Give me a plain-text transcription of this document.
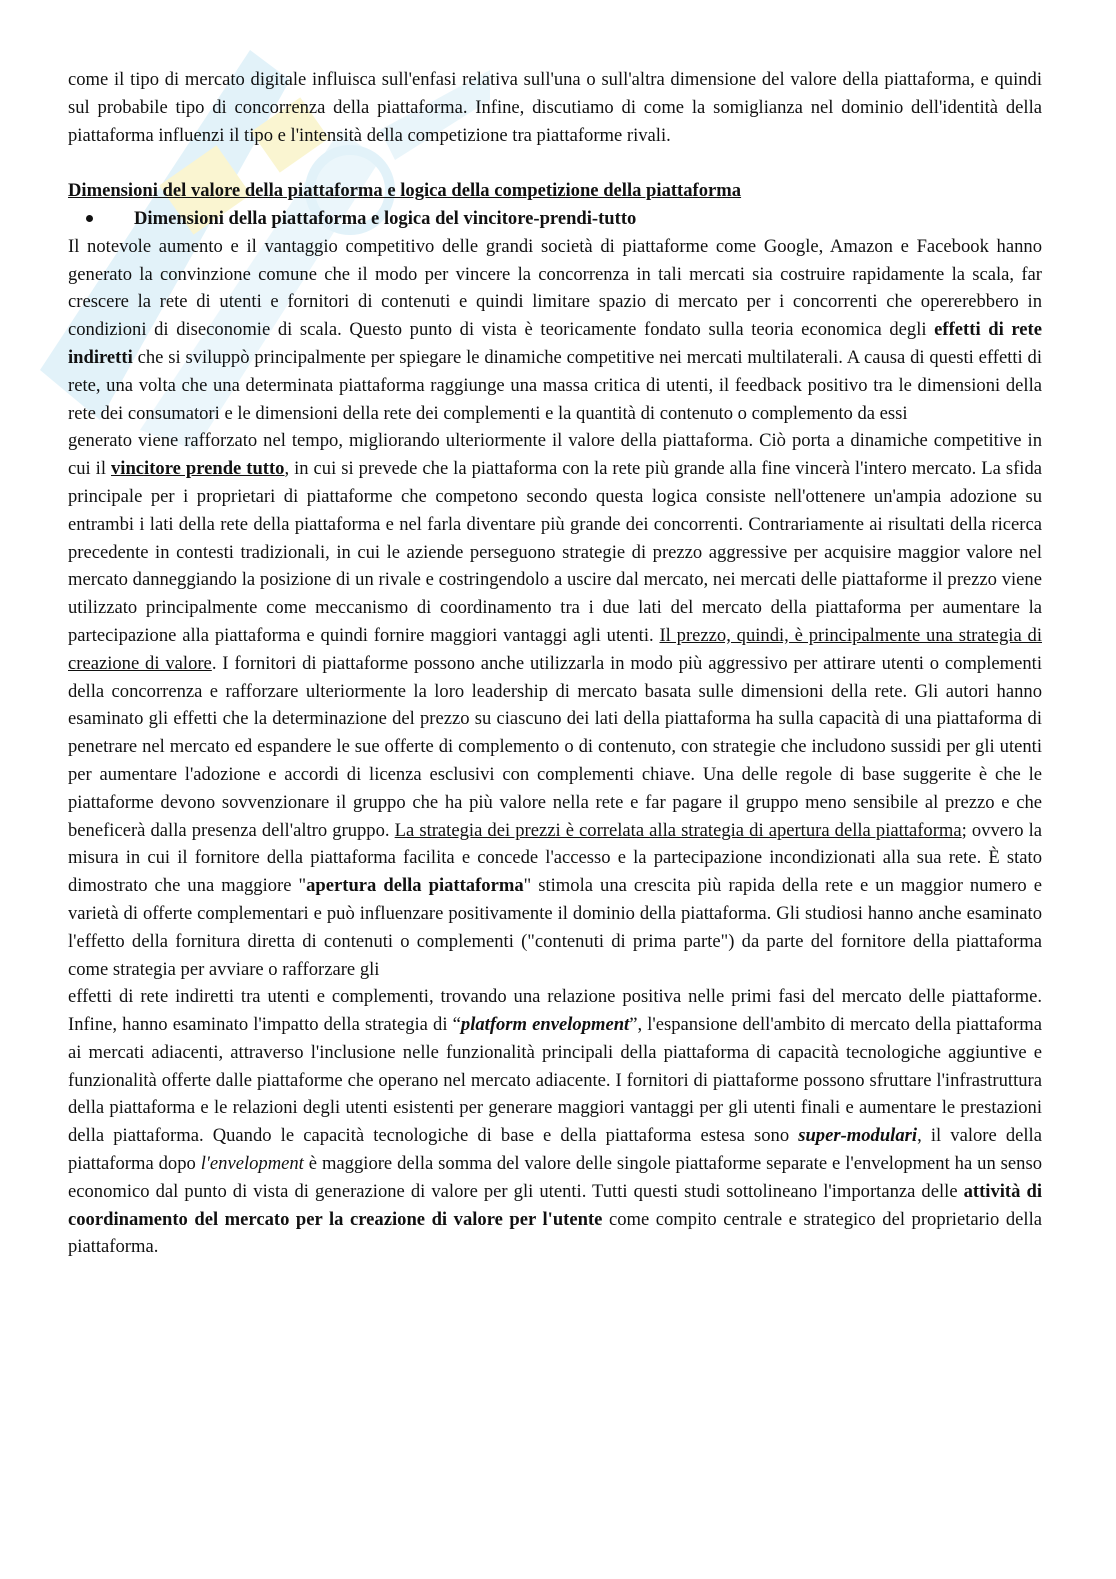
come il tipo di mercato digitale influisca sull'enfasi relativa sull'una o sull'altra dimensione del valore della piattaforma, e quindi sul probabile tipo di concorrenza della piattaforma. Infine, discutiamo di come la somiglianza nel dominio dell'identità della piattaforma influenzi il tipo e l'intensità della competizione tra piattaforme rivali.

Dimensioni del valore della piattaforma e logica della competizione della piattaforma

Dimensioni della piattaforma e logica del vincitore-prendi-tutto

Il notevole aumento e il vantaggio competitivo delle grandi società di piattaforme come Google, Amazon e Facebook hanno generato la convinzione comune che il modo per vincere la concorrenza in tali mercati sia costruire rapidamente la scala, far crescere la rete di utenti e fornitori di contenuti e quindi limitare spazio di mercato per i concorrenti che opererebbero in condizioni di diseconomie di scala. Questo punto di vista è teoricamente fondato sulla teoria economica degli effetti di rete indiretti che si sviluppò principalmente per spiegare le dinamiche competitive nei mercati multilaterali. A causa di questi effetti di rete, una volta che una determinata piattaforma raggiunge una massa critica di utenti, il feedback positivo tra le dimensioni della rete dei consumatori e le dimensioni della rete dei complementi e la quantità di contenuto o complemento da essi

generato viene rafforzato nel tempo, migliorando ulteriormente il valore della piattaforma. Ciò porta a dinamiche competitive in cui il vincitore prende tutto, in cui si prevede che la piattaforma con la rete più grande alla fine vincerà l'intero mercato. La sfida principale per i proprietari di piattaforme che competono secondo questa logica consiste nell'ottenere un'ampia adozione su entrambi i lati della rete della piattaforma e nel farla diventare più grande dei concorrenti. Contrariamente ai risultati della ricerca precedente in contesti tradizionali, in cui le aziende perseguono strategie di prezzo aggressive per acquisire maggior valore nel mercato danneggiando la posizione di un rivale e costringendolo a uscire dal mercato, nei mercati delle piattaforme il prezzo viene utilizzato principalmente come meccanismo di coordinamento tra i due lati del mercato della piattaforma per aumentare la partecipazione alla piattaforma e quindi fornire maggiori vantaggi agli utenti. Il prezzo, quindi, è principalmente una strategia di creazione di valore. I fornitori di piattaforme possono anche utilizzarla in modo più aggressivo per attirare utenti o complementi della concorrenza e rafforzare ulteriormente la loro leadership di mercato basata sulle dimensioni della rete. Gli autori hanno esaminato gli effetti che la determinazione del prezzo su ciascuno dei lati della piattaforma ha sulla capacità di una piattaforma di penetrare nel mercato ed espandere le sue offerte di complemento o di contenuto, con strategie che includono sussidi per gli utenti per aumentare l'adozione e accordi di licenza esclusivi con complementi chiave. Una delle regole di base suggerite è che le piattaforme devono sovvenzionare il gruppo che ha più valore nella rete e far pagare il gruppo meno sensibile al prezzo e che beneficerà dalla presenza dell'altro gruppo. La strategia dei prezzi è correlata alla strategia di apertura della piattaforma; ovvero la misura in cui il fornitore della piattaforma facilita e concede l'accesso e la partecipazione incondizionati alla sua rete. È stato dimostrato che una maggiore "apertura della piattaforma" stimola una crescita più rapida della rete e un maggior numero e varietà di offerte complementari e può influenzare positivamente il dominio della piattaforma. Gli studiosi hanno anche esaminato l'effetto della fornitura diretta di contenuti o complementi ("contenuti di prima parte") da parte del fornitore della piattaforma come strategia per avviare o rafforzare gli

effetti di rete indiretti tra utenti e complementi, trovando una relazione positiva nelle primi fasi del mercato delle piattaforme. Infine, hanno esaminato l'impatto della strategia di “platform envelopment”, l'espansione dell'ambito di mercato della piattaforma ai mercati adiacenti, attraverso l'inclusione nelle funzionalità principali della piattaforma di capacità tecnologiche aggiuntive e funzionalità offerte dalle piattaforme che operano nel mercato adiacente. I fornitori di piattaforme possono sfruttare l'infrastruttura della piattaforma e le relazioni degli utenti esistenti per generare maggiori vantaggi per gli utenti finali e aumentare le prestazioni della piattaforma. Quando le capacità tecnologiche di base e della piattaforma estesa sono super-modulari, il valore della piattaforma dopo l'envelopment è maggiore della somma del valore delle singole piattaforme separate e l'envelopment ha un senso economico dal punto di vista di generazione di valore per gli utenti. Tutti questi studi sottolineano l'importanza delle attività di coordinamento del mercato per la creazione di valore per l'utente come compito centrale e strategico del proprietario della piattaforma.
